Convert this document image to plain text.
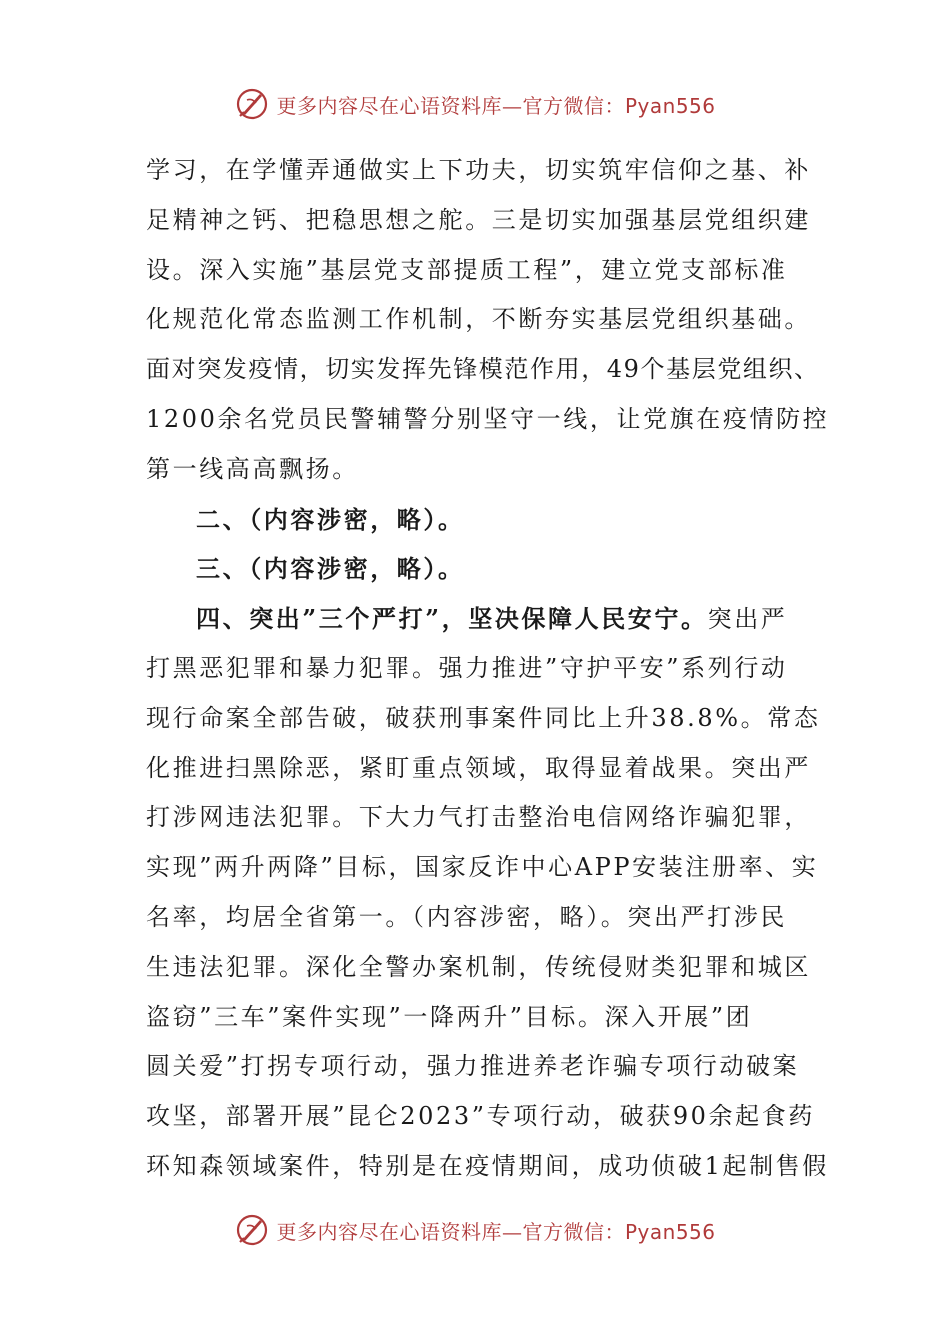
更多内容尽在心语资料库—官方微信：Pyan556
学习，在学懂弄通做实上下功夫，切实筑牢信仰之基、补
足精神之钙、把稳思想之舵。三是切实加强基层党组织建
设。深入实施”基层党支部提质工程”，建立党支部标准
化规范化常态监测工作机制，不断夯实基层党组织基础。
面对突发疫情，切实发挥先锋模范作用，49个基层党组织、
1200余名党员民警辅警分别坚守一线，让党旗在疫情防控
第一线高高飘扬。
二、（内容涉密，略）。
三、（内容涉密，略）。
四、突出”三个严打”，坚决保障人民安宁。突出严
打黑恶犯罪和暴力犯罪。强力推进”守护平安”系列行动
现行命案全部告破，破获刑事案件同比上升38.8%。常态
化推进扫黑除恶，紧盯重点领域，取得显着战果。突出严
打涉网违法犯罪。下大力气打击整治电信网络诈骗犯罪，
实现”两升两降”目标，国家反诈中心APP安装注册率、实
名率，均居全省第一。（内容涉密，略）。突出严打涉民
生违法犯罪。深化全警办案机制，传统侵财类犯罪和城区
盗窃”三车”案件实现”一降两升”目标。深入开展”团
圆关爱”打拐专项行动，强力推进养老诈骗专项行动破案
攻坚，部署开展”昆仑2023”专项行动，破获90余起食药
环知森领域案件，特别是在疫情期间，成功侦破1起制售假
更多内容尽在心语资料库—官方微信：Pyan556
